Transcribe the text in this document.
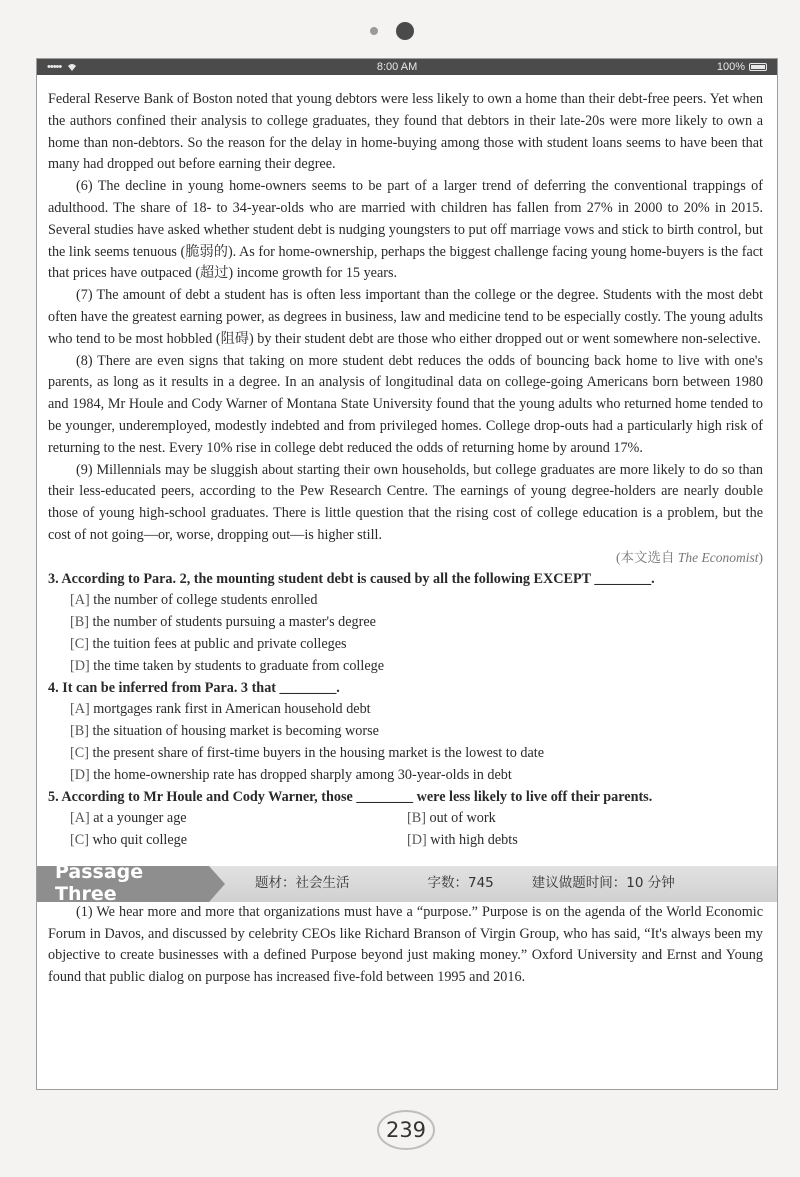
•••••	8:00 AM	100%

Federal Reserve Bank of Boston noted that young debtors were less likely to own a home than their debt-free peers. Yet when the authors confined their analysis to college graduates, they found that debtors in their late-20s were more likely to own a home than non-debtors. So the reason for the delay in home-buying among those with student loans seems to have been that many had dropped out before earning their degree.

(6) The decline in young home-owners seems to be part of a larger trend of deferring the conventional trappings of adulthood. The share of 18- to 34-year-olds who are married with children has fallen from 27% in 2000 to 20% in 2015. Several studies have asked whether student debt is nudging youngsters to put off marriage vows and stick to birth control, but the link seems tenuous (脆弱的). As for home-ownership, perhaps the biggest challenge facing young home-buyers is the fact that prices have outpaced (超过) income growth for 15 years.

(7) The amount of debt a student has is often less important than the college or the degree. Students with the most debt often have the greatest earning power, as degrees in business, law and medicine tend to be especially costly. The young adults who tend to be most hobbled (阻碍) by their student debt are those who either dropped out or went somewhere non-selective.

(8) There are even signs that taking on more student debt reduces the odds of bouncing back home to live with one's parents, as long as it results in a degree. In an analysis of longitudinal data on college-going Americans born between 1980 and 1984, Mr Houle and Cody Warner of Montana State University found that the young adults who returned home tended to be younger, underemployed, modestly indebted and from privileged homes. College drop-outs had a particularly high risk of returning to the nest. Every 10% rise in college debt reduced the odds of returning home by around 17%.

(9) Millennials may be sluggish about starting their own households, but college graduates are more likely to do so than their less-educated peers, according to the Pew Research Centre. The earnings of young degree-holders are nearly double those of young high-school graduates. There is little question that the rising cost of college education is a problem, but the cost of not going—or, worse, dropping out—is higher still.

(本文选自 The Economist)

3. According to Para. 2, the mounting student debt is caused by all the following EXCEPT ________.

[A] the number of college students enrolled

[B] the number of students pursuing a master's degree

[C] the tuition fees at public and private colleges

[D] the time taken by students to graduate from college

4. It can be inferred from Para. 3 that ________.

[A] mortgages rank first in American household debt

[B] the situation of housing market is becoming worse

[C] the present share of first-time buyers in the housing market is the lowest to date

[D] the home-ownership rate has dropped sharply among 30-year-olds in debt

5. According to Mr Houle and Cody Warner, those ________ were less likely to live off their parents.

[A] at a younger age	[B] out of work
[C] who quit college	[D] with high debts
Passage Three	题材：社会生活	字数：745	建议做题时间：10 分钟

(1) We hear more and more that organizations must have a “purpose.” Purpose is on the agenda of the World Economic Forum in Davos, and discussed by celebrity CEOs like Richard Branson of Virgin Group, who has said, “It's always been my objective to create businesses with a defined Purpose beyond just making money.” Oxford University and Ernst and Young found that public dialog on purpose has increased five-fold between 1995 and 2016.

239
